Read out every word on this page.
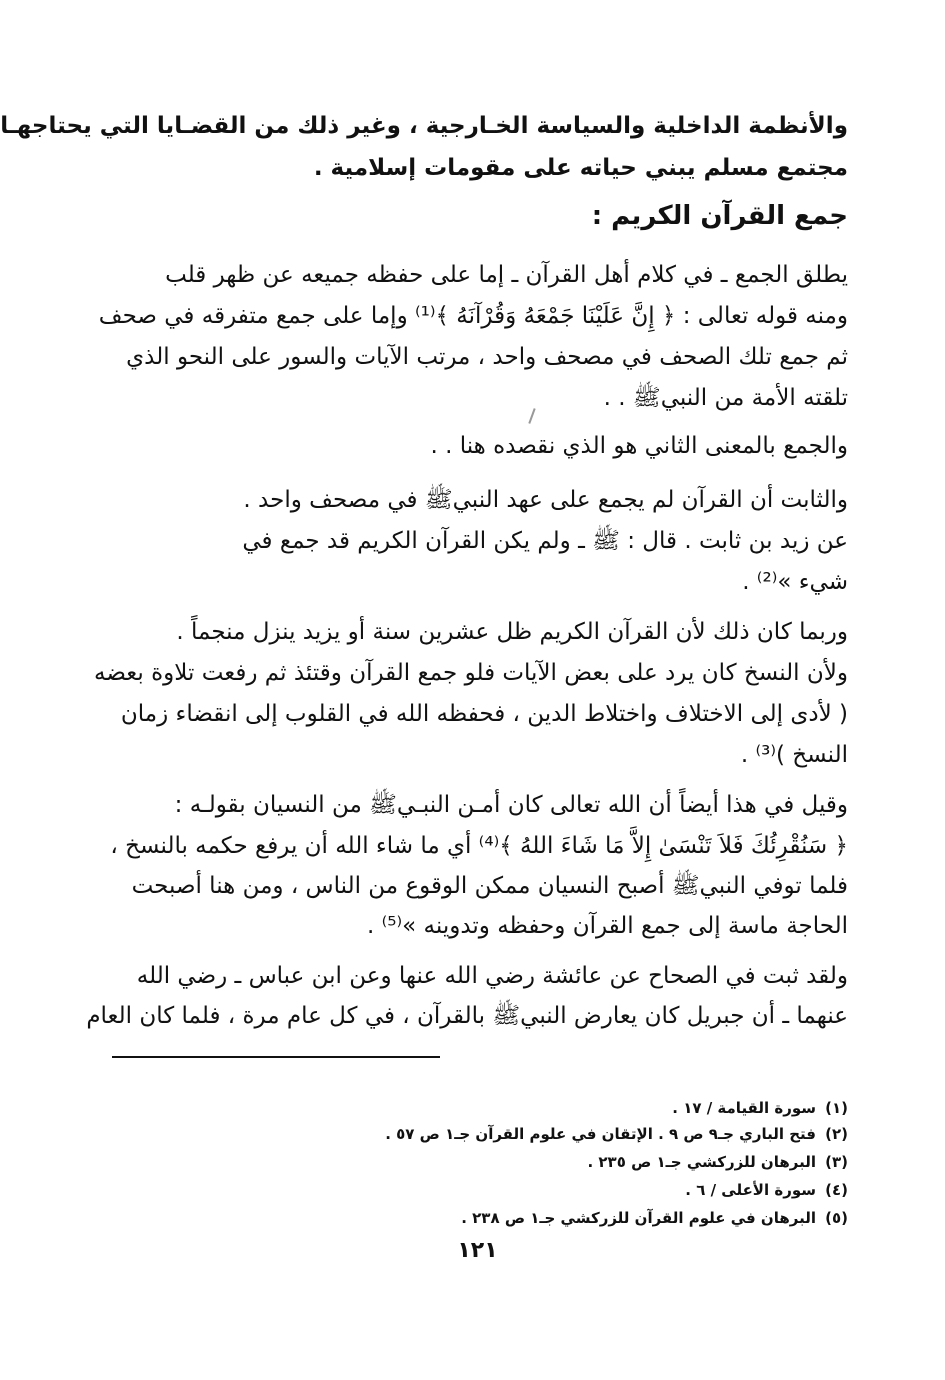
والأنظمة الداخلية والسياسة الخـارجية ، وغير ذلك من القضـايا التي يحتاجهـا
مجتمع مسلم يبني حياته على مقومات إسلامية .
جمع القرآن الكريم :
يطلق الجمع ـ في كلام أهل القرآن ـ إما على حفظه جميعه عن ظهر قلب
ومنه قوله تعالى : ﴿ إِنَّ عَلَيْنَا جَمْعَهُ وَقُرْآنَهُ ﴾⁽¹⁾ وإما على جمع متفرقه في صحف
ثم جمع تلك الصحف في مصحف واحد ، مرتب الآيات والسور على النحو الذي
تلقته الأمة من النبيﷺ . .
والجمع بالمعنى الثاني هو الذي نقصده هنا . .
والثابت أن القرآن لم يجمع على عهد النبيﷺ في مصحف واحد .
عن زيد بن ثابت . قال : ﷺ ـ ولم يكن القرآن الكريم قد جمع في
شيء »⁽²⁾ .
وربما كان ذلك لأن القرآن الكريم ظل عشرين سنة أو يزيد ينزل منجماً .
ولأن النسخ كان يرد على بعض الآيات فلو جمع القرآن وقتئذ ثم رفعت تلاوة بعضه
( لأدى إلى الاختلاف واختلاط الدين ، فحفظه الله في القلوب إلى انقضاء زمان
النسخ )⁽³⁾ .
وقيل في هذا أيضاً أن الله تعالى كان أمـن النبـيﷺ من النسيان بقولـه :
﴿ سَنُقْرِئُكَ فَلاَ تَنْسَىٰ إِلاَّ مَا شَاءَ اللهُ ﴾⁽⁴⁾ أي ما شاء الله أن يرفع حكمه بالنسخ ،
فلما توفي النبيﷺ أصبح النسيان ممكن الوقوع من الناس ، ومن هنا أصبحت
الحاجة ماسة إلى جمع القرآن وحفظه وتدوينه »⁽⁵⁾ .
ولقد ثبت في الصحاح عن عائشة رضي الله عنها وعن ابن عباس ـ رضي الله
عنهما ـ أن جبريل كان يعارض النبيﷺ بالقرآن ، في كل عام مرة ، فلما كان العام
(١)سورة القيامة / ١٧ .
(٢)فتح الباري جـ٩ ص ٩ . الإتقان في علوم القرآن جـ١ ص ٥٧ .
(٣)البرهان للزركشي جـ١ ص ٢٣٥ .
(٤)سورة الأعلى / ٦ .
(٥)البرهان في علوم القرآن للزركشي جـ١ ص ٢٣٨ .
١٢١
